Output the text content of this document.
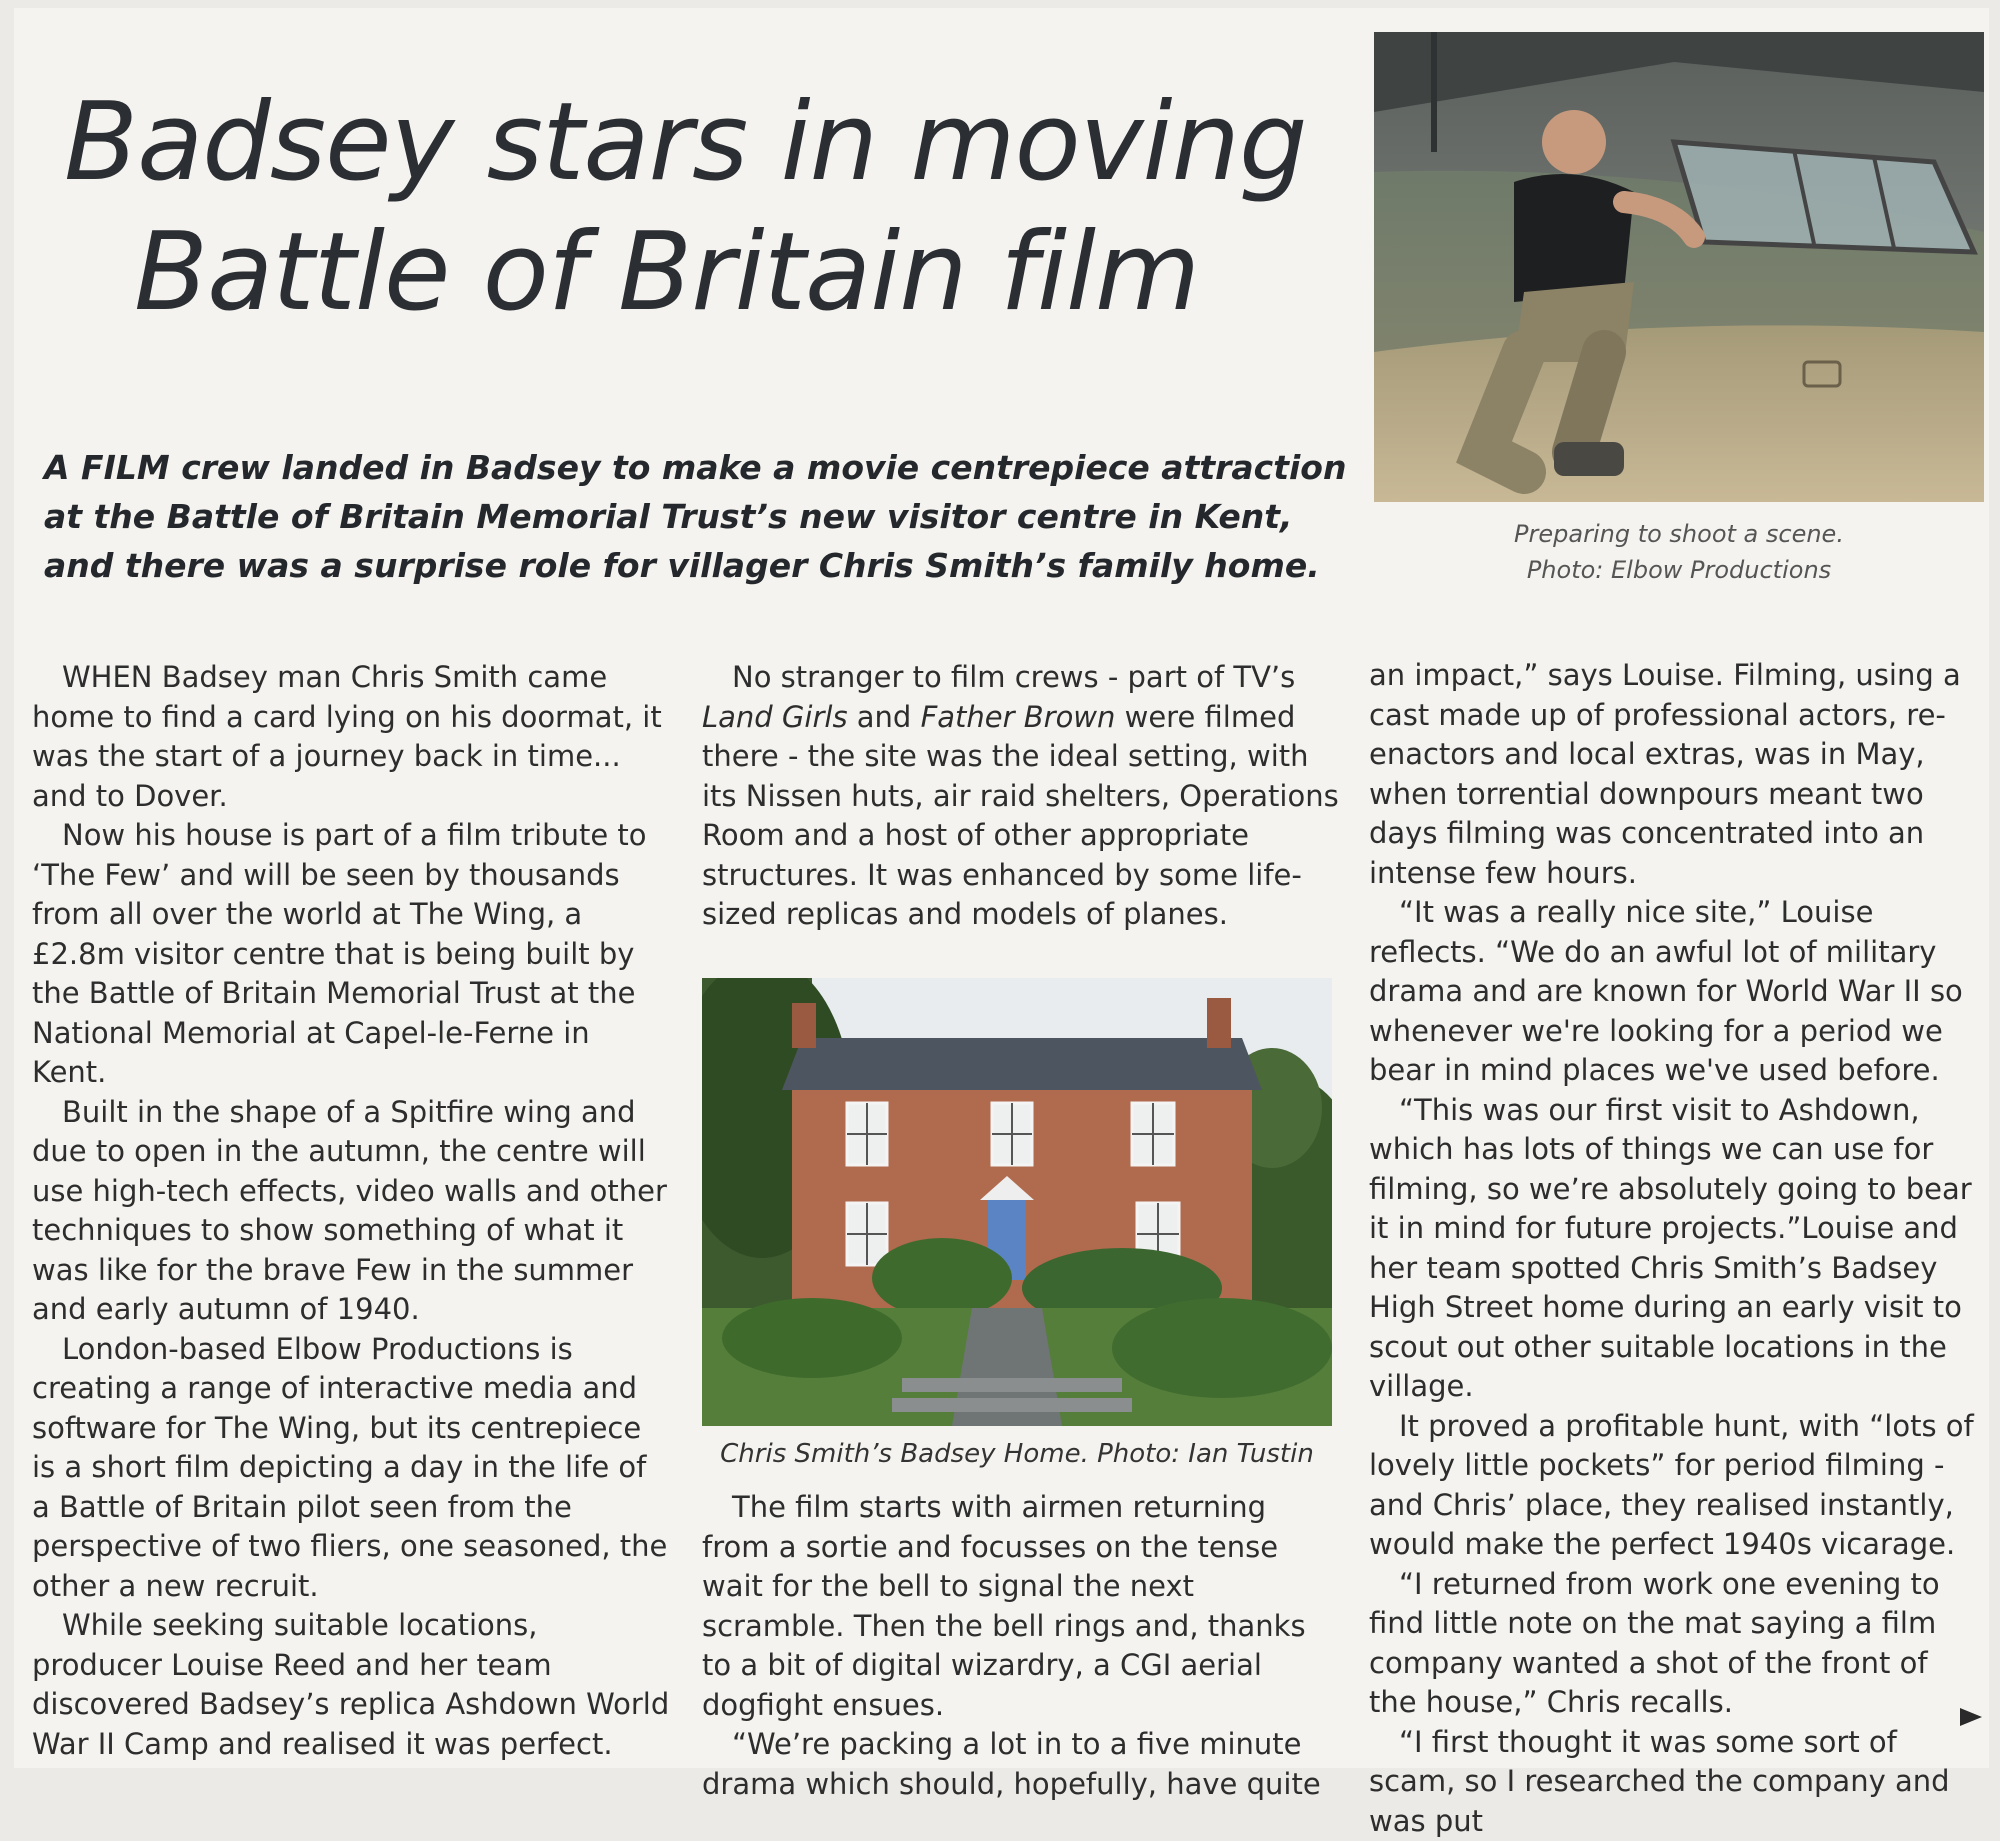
Badsey stars in moving
Battle of Britain film

A FILM crew landed in Badsey to make a movie centrepiece attraction
at the Battle of Britain Memorial Trust’s new visitor centre in Kent,
and there was a surprise role for villager Chris Smith’s family home.

Preparing to shoot a scene.
Photo: Elbow Productions

WHEN Badsey man Chris Smith came home to find a card lying on his doormat, it was the start of a journey back in time... and to Dover.

Now his house is part of a film tribute to ‘The Few’ and will be seen by thousands from all over the world at The Wing, a £2.8m visitor centre that is being built by the Battle of Britain Memorial Trust at the National Memorial at Capel-le-Ferne in Kent.

Built in the shape of a Spitfire wing and due to open in the autumn, the centre will use high-tech effects, video walls and other techniques to show something of what it was like for the brave Few in the summer and early autumn of 1940.

London-based Elbow Productions is creating a range of interactive media and software for The Wing, but its centrepiece is a short film depicting a day in the life of a Battle of Britain pilot seen from the perspective of two fliers, one seasoned, the other a new recruit.

While seeking suitable locations, producer Louise Reed and her team discovered Badsey’s replica Ashdown World War II Camp and realised it was perfect.

No stranger to film crews - part of TV’s Land Girls and Father Brown were filmed there - the site was the ideal setting, with its Nissen huts, air raid shelters, Operations Room and a host of other appropriate structures. It was enhanced by some life-sized replicas and models of planes.

Chris Smith’s Badsey Home. Photo: Ian Tustin

The film starts with airmen returning from a sortie and focusses on the tense wait for the bell to signal the next scramble. Then the bell rings and, thanks to a bit of digital wizardry, a CGI aerial dogfight ensues.

“We’re packing a lot in to a five minute drama which should, hopefully, have quite

an impact,” says Louise. Filming, using a cast made up of professional actors, re-enactors and local extras, was in May, when torrential downpours meant two days filming was concentrated into an intense few hours.

“It was a really nice site,” Louise reflects. “We do an awful lot of military drama and are known for World War II so whenever we're looking for a period we bear in mind places we've used before.

“This was our first visit to Ashdown, which has lots of things we can use for filming, so we’re absolutely going to bear it in mind for future projects.”Louise and her team spotted Chris Smith’s Badsey High Street home during an early visit to scout out other suitable locations in the village.

It proved a profitable hunt, with “lots of lovely little pockets” for period filming - and Chris’ place, they realised instantly, would make the perfect 1940s vicarage.

“I returned from work one evening to find little note on the mat saying a film company wanted a shot of the front of the house,” Chris recalls.

“I first thought it was some sort of scam, so I researched the company and was put
